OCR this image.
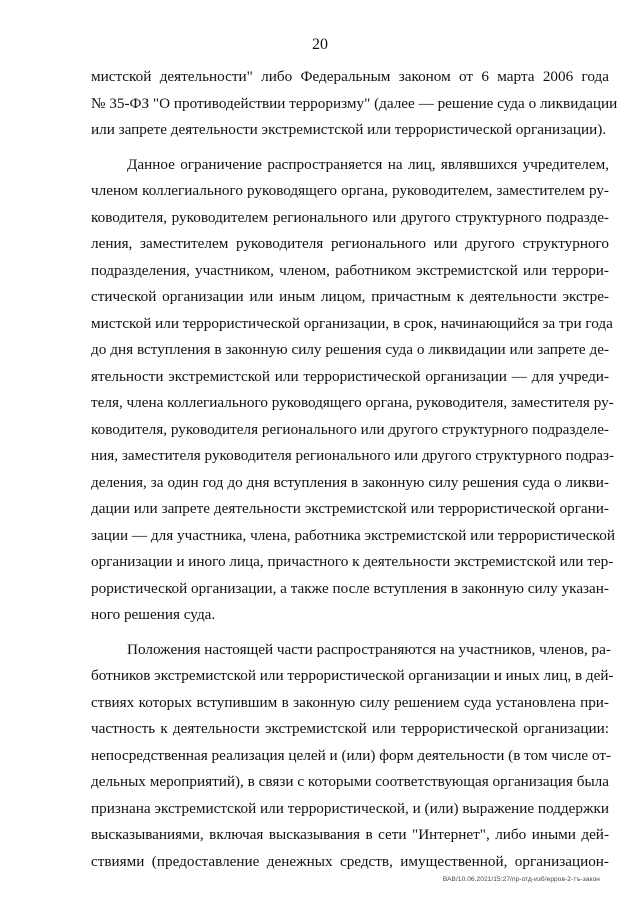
20
мистской деятельности" либо Федеральным законом от 6 марта 2006 года
№ 35-ФЗ "О противодействии терроризму" (далее — решение суда о ликвидации
или запрете деятельности экстремистской или террористической организации).
Данное ограничение распространяется на лиц, являвшихся учредителем,
членом коллегиального руководящего органа, руководителем, заместителем ру-
ководителя, руководителем регионального или другого структурного подразде-
ления, заместителем руководителя регионального или другого структурного
подразделения, участником, членом, работником экстремистской или террори-
стической организации или иным лицом, причастным к деятельности экстре-
мистской или террористической организации, в срок, начинающийся за три года
до дня вступления в законную силу решения суда о ликвидации или запрете де-
ятельности экстремистской или террористической организации — для учреди-
теля, члена коллегиального руководящего органа, руководителя, заместителя ру-
ководителя, руководителя регионального или другого структурного подразделе-
ния, заместителя руководителя регионального или другого структурного подраз-
деления, за один год до дня вступления в законную силу решения суда о ликви-
дации или запрете деятельности экстремистской или террористической органи-
зации — для участника, члена, работника экстремистской или террористической
организации и иного лица, причастного к деятельности экстремистской или тер-
рористической организации, а также после вступления в законную силу указан-
ного решения суда.
Положения настоящей части распространяются на участников, членов, ра-
ботников экстремистской или террористической организации и иных лиц, в дей-
ствиях которых вступившим в законную силу решением суда установлена при-
частность к деятельности экстремистской или террористической организации:
непосредственная реализация целей и (или) форм деятельности (в том числе от-
дельных мероприятий), в связи с которыми соответствующая организация была
признана экстремистской или террористической, и (или) выражение поддержки
высказываниями, включая высказывания в сети "Интернет", либо иными дей-
ствиями (предоставление денежных средств, имущественной, организацион-
ВАВ/10.06.2021/15:27/пр-отд-изб/ерров-2-тъ-закон
